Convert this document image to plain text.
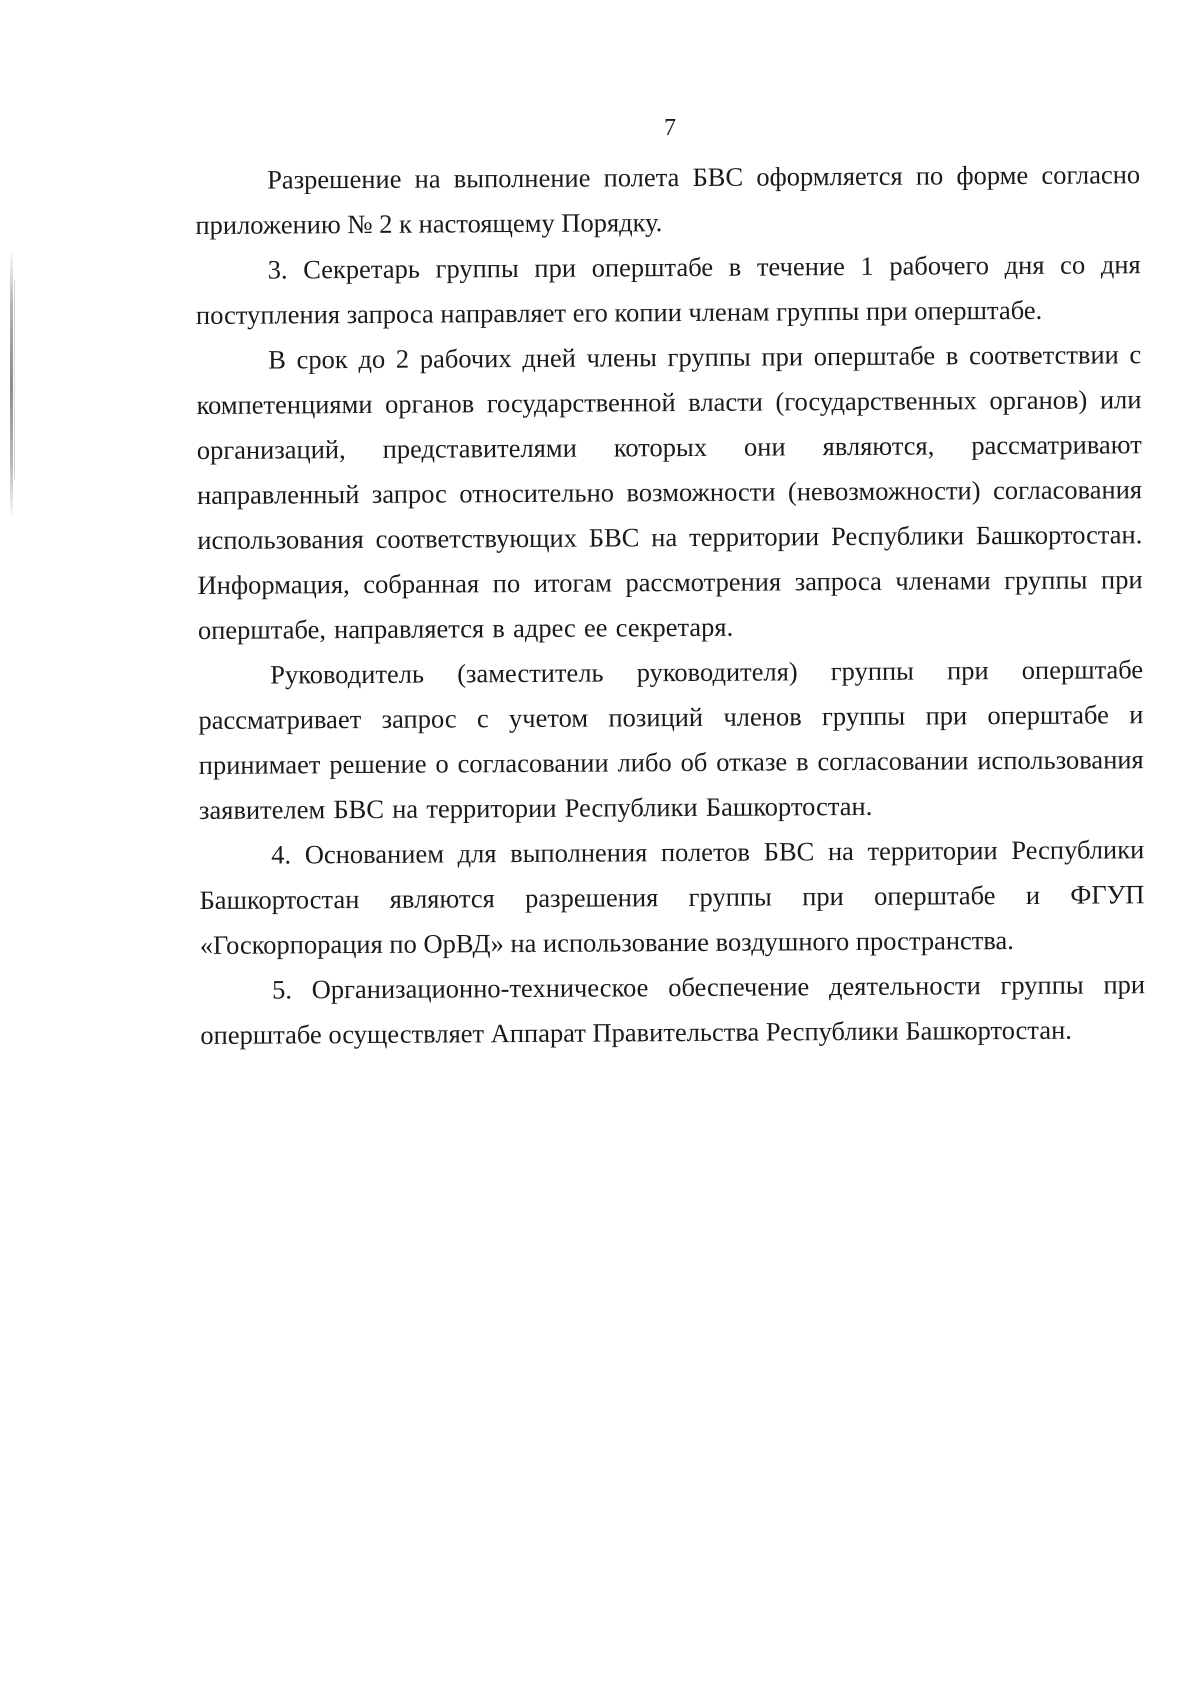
7

Разрешение на выполнение полета БВС оформляется по форме согласно приложению № 2 к настоящему Порядку.

3. Секретарь группы при оперштабе в течение 1 рабочего дня со дня поступления запроса направляет его копии членам группы при оперштабе.

В срок до 2 рабочих дней члены группы при оперштабе в соответствии с компетенциями органов государственной власти (государственных органов) или организаций, представителями которых они являются, рассматривают направленный запрос относительно возможности (невозможности) согласования использования соответствующих БВС на территории Республики Башкортостан. Информация, собранная по итогам рассмотрения запроса членами группы при оперштабе, направляется в адрес ее секретаря.

Руководитель (заместитель руководителя) группы при оперштабе рассматривает запрос с учетом позиций членов группы при оперштабе и принимает решение о согласовании либо об отказе в согласовании использования заявителем БВС на территории Республики Башкортостан.

4. Основанием для выполнения полетов БВС на территории Республики Башкортостан являются разрешения группы при оперштабе и ФГУП «Госкорпорация по ОрВД» на использование воздушного пространства.

5. Организационно-техническое обеспечение деятельности группы при оперштабе осуществляет Аппарат Правительства Республики Башкортостан.
